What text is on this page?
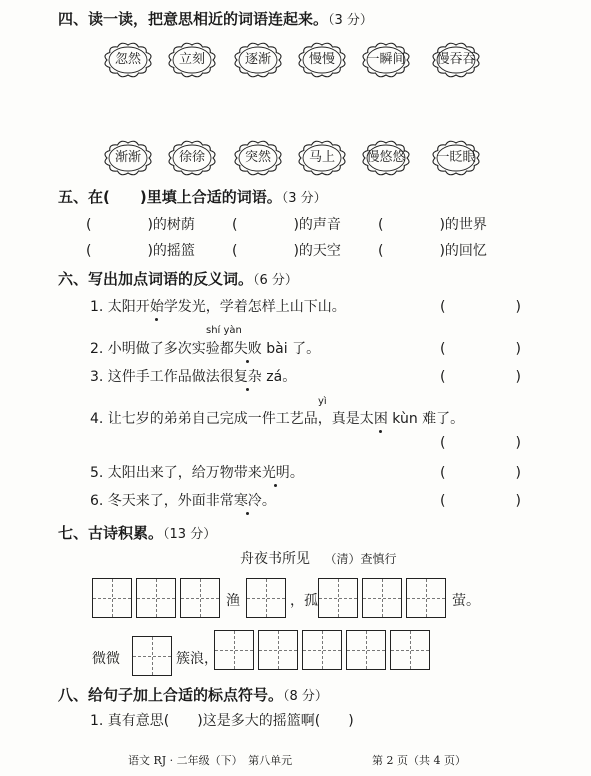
四、读一读，把意思相近的词语连起来。（3 分）
忽然	立刻	逐渐	慢慢	一瞬间	慢吞吞
渐渐	徐徐	突然	马上	慢悠悠	一眨眼
五、在(　　)里填上合适的词语。（3 分）
(　　　　)的树荫	(　　　　)的声音	(　　　　)的世界
(　　　　)的摇篮	(　　　　)的天空	(　　　　)的回忆
六、写出加点词语的反义词。（6 分）
1. 太阳开始学发光，学着怎样上山下山。	(　　　　　)
shí yàn
2. 小明做了多次实验都失败 bài 了。	(　　　　　)
3. 这件手工作品做法很复杂 zá。	(　　　　　)
yì
4. 让七岁的弟弟自己完成一件工艺品，真是太困 kùn 难了。
(　　　　　)
5. 太阳出来了，给万物带来光明。	(　　　　　)
6. 冬天来了，外面非常寒冷。	(　　　　　)
七、古诗积累。（13 分）
舟夜书所见 （清）查慎行
渔	，孤	萤。
微微	簇浪，
八、给句子加上合适的标点符号。（8 分）
1. 真有意思(　　)这是多大的摇篮啊(　　)
语文 RJ · 二年级（下）　第八单元	第 2 页（共 4 页）
